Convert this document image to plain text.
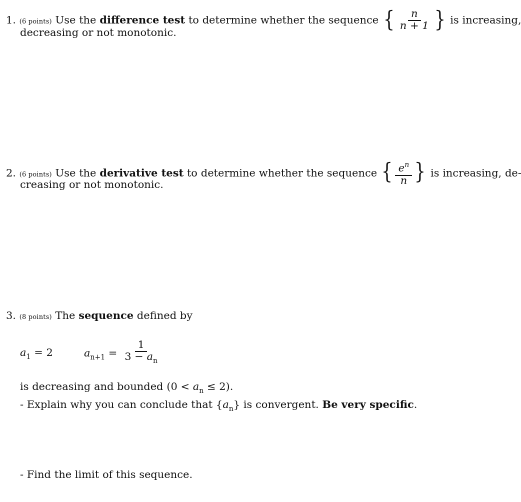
1. (6 points) Use the difference test to determine whether the sequence { $\frac{n}{n + 1}$ } is increasing,
decreasing or not monotonic.
2. (6 points) Use the derivative test to determine whether the sequence { $\frac{e^n}{n}$ } is increasing, de-
creasing or not monotonic.
3. (8 points) The sequence defined by
$a_1 = 2$	$a_{n+1} = \frac{1}{3 - a_n}$
is decreasing and bounded $(0 < a_n \le 2)$.
- Explain why you can conclude that $\{a_n\}$ is convergent. Be very specific.
- Find the limit of this sequence.
